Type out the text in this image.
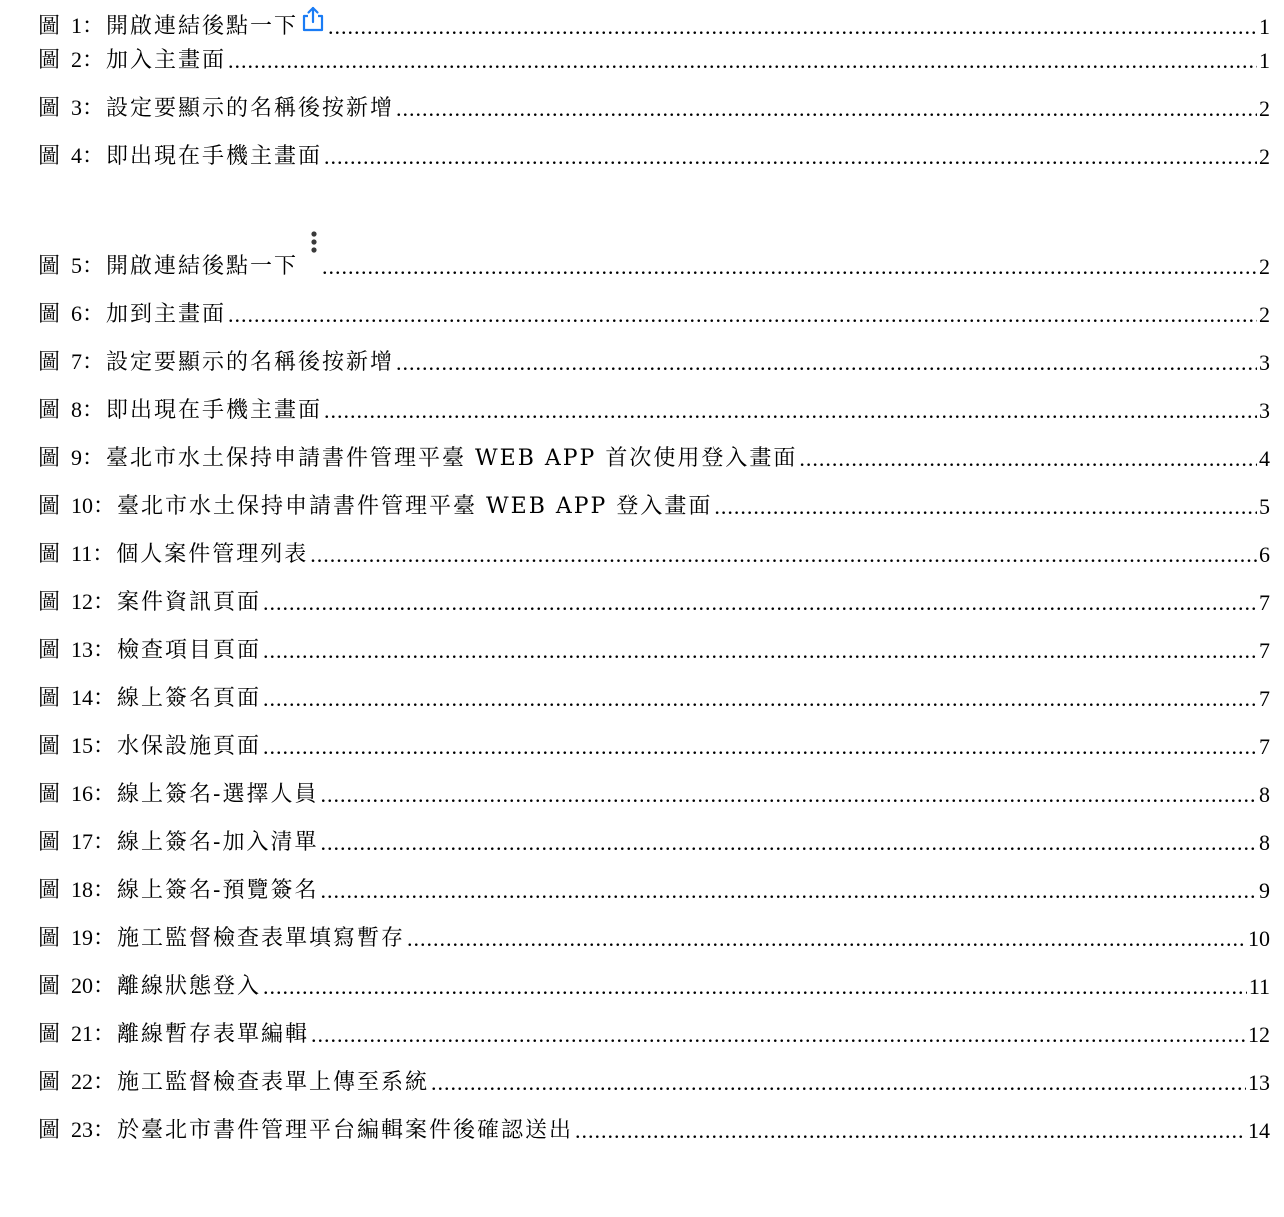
圖 1：開啟連結後點一下 .....	1
圖 2：加入主畫面 .....	1
圖 3：設定要顯示的名稱後按新增 .....	2
圖 4：即出現在手機主畫面 .....	2
圖 5：開啟連結後點一下 .....	2
圖 6：加到主畫面 .....	2
圖 7：設定要顯示的名稱後按新增 .....	3
圖 8：即出現在手機主畫面 .....	3
圖 9：臺北市水土保持申請書件管理平臺 WEB APP 首次使用登入畫面 .....	4
圖 10：臺北市水土保持申請書件管理平臺 WEB APP 登入畫面 .....	5
圖 11：個人案件管理列表 .....	6
圖 12：案件資訊頁面 .....	7
圖 13：檢查項目頁面 .....	7
圖 14：線上簽名頁面 .....	7
圖 15：水保設施頁面 .....	7
圖 16：線上簽名-選擇人員 .....	8
圖 17：線上簽名-加入清單 .....	8
圖 18：線上簽名-預覽簽名 .....	9
圖 19：施工監督檢查表單填寫暫存 .....	10
圖 20：離線狀態登入 .....	11
圖 21：離線暫存表單編輯 .....	12
圖 22：施工監督檢查表單上傳至系統 .....	13
圖 23：於臺北市書件管理平台編輯案件後確認送出 .....	14
